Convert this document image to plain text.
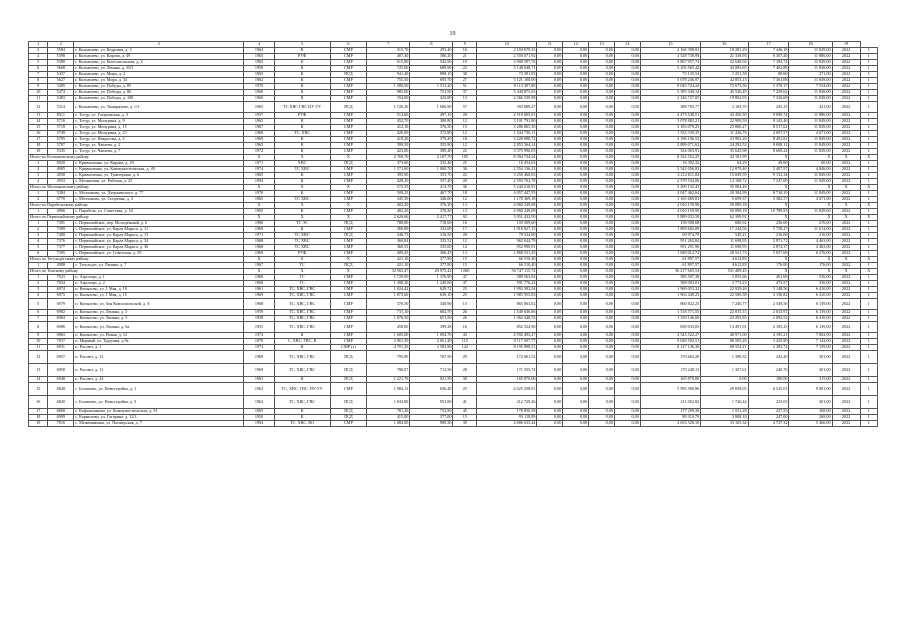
19
1	2	3	4	5	6	7	8	9	10	11	12	13	14	15	16	17	18	19	
3	5584	г. Колпашево, ул. Кедровая, д. 3	1964	К	СМР	315,70	293,40	16	2 184 679,33	0,00	0,00	0,00	0,00	2 166 398,02	18 281,29	7 446,18	11 849,00	2022	1
4	5398	г. Колпашево, ул. Кирова, д. 49	1965	РУФ	СМР	407,40	380,20	21	2 550 071,92	0,00	0,00	0,00	0,00	2 528 738,99	21 338,93	6 307,20	11 886,00	2022	1
5	5390	г. Колпашево, ул. Комсомольская, д. 2	1965	К	СМР	615,80	542,90	19	3 900 597,76	0,00	0,00	0,00	0,00	3 867 957,74	32 640,02	7 184,74	11 849,00	2022	1
6	5668	г. Колпашево, ул. Ленина, д. 39/1	1958	К	СМР	725,00	689,90	22	5 148 648,71	0,00	0,00	0,00	0,00	5 105 565,42	43 083,65	7 462,89	11 849,00	2022	1
7	5437	г. Колпашево, ул. Мира, д. 2	1965	К	ПСД	941,40	898,10	38	73 391,83	0,00	0,00	0,00	0,00	73 135,54	1 251,58	80,60	271,00	2022	1
8	5627	г. Колпашево, ул. Мира, д. 34	1962	К	СМР	755,50	695,70	27	5 121 100,00	0,00	0,00	0,00	0,00	5 078 246,97	42 853,13	7 361,08	11 849,00	2022	1
9	5495	г. Колпашево, ул. Победы, д. 85	1970	К	СМР	1 580,50	1 511,20	51	8 113 397,80	0,00	0,00	0,00	0,00	8 045 724,24	73 673,56	5 370,17	7 554,00	2022	1
10	5474	г. Колпашево, ул. Победы, д. 86	1960	К	СМР	985,00	751,50	37	5 440 875,63	0,00	0,00	0,00	0,00	5 395 349,14	45 526,49	7 239,62	11 849,00	2022	1
11	5483	г. Колпашево, ул. Победы, д. 108	1960	К	СМР	354,00	323,00	13	2 366 539,98	0,00	0,00	0,00	0,00	2 346 737,05	19 802,93	7 326,69	11 849,00	2022	1
12	5314	г. Колпашево, ул. Тимирязева, д. 1/3	1965	ТС ХВС ГВС ПУ УУ	ПСД	1 720,20	1 606,90	57	393 888,47	0,00	0,00	0,00	0,00	389 783,77	2 104,70	245,23	421,00	2022	1
13	8311	с. Тогур, ул. Гагаринская, д. 3	1957	РУФ	СМР	512,60	497,10	20	4 519 005,01	0,00	0,00	0,00	0,00	4 475 548,51	43 456,50	9 090,74	11 886,00	2022	1
14	5716	с. Тогур, ул. Мичурина, д. 9	1965	К	СМР	452,70	380,80	12	3 101 791,80	0,00	0,00	0,00	0,00	3 078 882,21	22 909,59	8 145,46	11 849,00	2022	1
15	5718	с. Тогур, ул. Мичурина, д. 15	1967	К	СМР	412,10	376,50	15	3 206 865,30	0,00	0,00	0,00	0,00	3 183 079,25	23 806,27	8 517,62	11 849,00	2022	1
16	5749	с. Тогур, ул. Мичурина, д. 23	1968	ТС, ХВС	СМР	426,00	372,80	12	1 544 736,11	0,00	0,00	0,00	0,00	1 533 339,35	11 426,76	4 097,57	4 671,00	2022	1
17	5795	с. Тогур, ул. Некрасова, д. 2	1969	К	СМР	419,20	379,20	18	3 220 098,72	0,00	0,00	0,00	0,00	3 196 106,52	23 992,20	8 491,81	11 849,00	2022	1
18	5797	с. Тогур, ул. Чапаева, д. 2	1965	К	СМР	399,50	355,90	12	2 853 364,14	0,00	0,00	0,00	0,00	2 899 071,62	24 292,52	8 008,12	11 849,00	2022	1
19	5335	с. Тогур, ул. Чапаева, д. 7	1972	К	СМР	423,00	389,40	22	3 375 996,05	0,00	0,00	0,00	0,00	334 063,91	35 645,98	8 669,24	11 849,00	2022	1
Итого по Колпашевскому району			Х	Х	Х	2 769,70	2 107,70	105	8 394 734,24	0,00	0,00	0,00	0,00	8 332 552,25	42 181,99	Х	Х	Х	Х
1	6920	с. Кривошеино, ул. Кирова, д. 29	1971	ХВС	ПСД	373,60	335,40	25	16 454,63	0,00	0,00	0,00	0,00	16 392,32	64,29	49,00	60,00	2022	1
2	4905	с. Кривошеино, ул. Коммунистическая, д. 49	1974	ТС ХВС	СМР	1 571,00	1 060,70	36	2 554 136,23	0,00	0,00	0,00	0,00	2 542 056,83	12 079,40	2 407,97	4 846,00	2022	1
3	4930	с. Кривошеино, ул. Тракторная, д. 6	1965	К	СМР	395,90	355,70	22	3 250 460,63	0,00	0,00	0,00	0,00	3 214 611,04	15 849,59	9 133,34	11 849,00	2022	1
4	4933	с. Малиновка, ул. Рабочая, д. 25	1994	К	СМР	428,20	357,40	20	2 593 702,78	0,00	0,00	0,00	0,00	2 579 534,06	14 168,72	7 247,00	11 849,00	2022	1
Итого по Молчановскому району			Х	Х	Х	572,55	413,70	30	5 244 216,91	0,00	0,00	0,00	0,00	5 209 132,45	35 084,46	Х	Х	Х	Х
1	5384	с. Молчаново, ул. Дзержинского, д. 77	1970	К	СМР	509,25	467,70	18	4 057 447,55	0,00	0,00	0,00	0,00	4 047 462,64	20 384,99	8 710,39	11 849,00	2022	1
2	6770	с. Молчаново, ул. Спортная, д. 3	1965	ТС ХВС	СМР	345,50	346,00	12	1 170 369,18	0,00	0,00	0,00	0,00	1 165 669,81	5 699,37	3 382,57	4 671,00	2022	1
Итого по Парабельскому району			Х	Х	Х	402,20	376,30	13	4 060 249,08	0,00	0,00	0,00	0,00	4 010 159,90	50 089,18	Х	Х	Х	Х
1	4966	с. Парабель, ул. Советская, д. 54	1965	К	СМР	402,20	376,30	13	4 060 249,08	0,00	0,00	0,00	0,00	4 010 159,90	50 089,18	10 789,93	11 849,00	2022	1
Итого по Первомайскому району			Х	Х	Х	2 626,66	2 417,77	92	5 951 432,50	0,00	0,00	0,00	0,00	5 889 032,58	62 399,92	Х	Х	Х	Х
1	7391	с. Первомайское, пер. Молодёжный, д. 6	1980	ТС ЭС	ПСД	788,80	718,60	16	159 509,60	0,00	0,00	0,00	0,00	158 908,68	680,92	236,00	276,00	2022	1
2	7399	с. Первомайское, ул. Карла Маркса, д. 11	1969	К	СМР	360,80	332,00	17	1 916 927,15	0,00	0,00	0,00	0,00	1 899 682,09	17 244,56	5 758,27	11 612,00	2022	1
3	7400	с. Первомайское, ул. Карла Маркса, д. 13	1971	ТС ХВС	ПСД	346,75	316,50	20	79 524,00	0,00	0,00	0,00	0,00	69 974,79	549,21	216,00	216,00	2022	1
4	7376	с. Первомайское, ул. Карла Маркса, д. 34	1968	ТС ХВС	СМР	360,84	335,52	12	962 044,79	0,00	0,00	0,00	0,00	951 263,84	11 698,95	2 871,72	4 463,00	2022	1
5	7377	с. Первомайское, ул. Карла Маркса, д. 36	1968	ТС ХВС	СМР	360,55	335,00	14	952 990,91	0,00	0,00	0,00	0,00	951 291,96	11 698,95	2 874,37	4 463,00	2022	1
6	7395	с. Первомайское, ул. Советская, д. 59	1969	РУФ	СМР	409,45	366,45	13	1 868 531,45	0,00	0,00	0,00	0,00	1 849 012,72	20 521,73	5 057,66	6 276,00	2022	1
Итого по Тегульдетскому району			Х	Х	Х	421,10	377,90	15	66 510,40	0,00	0,00	0,00	0,00	61 897,57	4 612,83	Х	Х	Х	Х
1	4988	с. Тегульдет, ул. Ленина, д. 7	1967	ТС	ПСД	421,10	377,90	15	66 510,40	0,00	0,00	0,00	0,00	61 897,57	4 612,83	176,00	176,00	2022	1
Итого по Томскому району			Х	Х	Х	32 565,47	29 975,42	1 060	56 747 115,72	0,00	0,00	0,00	0,00	56 217 665,54	531 489,45	Х	Х	Х	Х
1	7023	п. Аэропорт, д. 1	1968	ГС	СМР	1 729,90	1 376,90	47	589 563,04	0,00	0,00	0,00	0,00	585 507,38	3 855,66	461,66	536,00	2022	1
2	7034	п. Аэропорт, д. 2	1968	ГС	СМР	1 498,30	1 249,60	47	591 776,24	0,00	0,00	0,00	0,00	588 003,01	3 773,23	473,57	536,00	2022	1
3	6974	п. Копылово, ул. 1 Мая, д. 19	1961	ТС, ХВС, ГВС	СМР	1 024,42	629,72	25	1 992 582,54	0,00	0,00	0,00	0,00	1 969 053,32	22 929,26	3 148,56	6 410,00	2022	1
4	6975	п. Копылово, ул. 1 Мая, д. 15	1969	ТС, ХВС, ГВС	СМР	1 073,60	639,10	25	1 985 955,83	0,00	0,00	0,00	0,00	1 963 449,25	22 506,58	3 156,82	6 410,00	2022	1
5	6979	п. Копылово, ул. Зон Комсомольской, д. 8	1968	ТС, ХВС, ГВС	СМР	370,50	340,90	13	865 063,02	0,00	0,00	0,00	0,00	860 822,25	7 240,77	2 549,56	6 139,00	2022	1
6	6982	п. Копылово, ул. Ленина, д. 5	1959	ТС, ХВС, ГВС	СМР	731,10	682,70	26	1 540 636,66	0,00	0,00	0,00	0,00	1 518 571,55	22 035,15	2 033,97	6 139,00	2022	1
7	6984	п. Копылово, ул. Ленина, д. 3	1958	ТС, ХВС, ГВС	СМР	1 076,50	651,50	26	1 362 440,53	0,00	0,00	0,00	0,00	1 339 146,68	23 293,85	2 092,52	6 410,00	2022	1
8	6986	п. Копылово, ул. Ленина, д. 6а	1955	ТС, ХВС, ГВС	СМР	458,00	399,28	16	852 524,96	0,00	0,00	0,00	0,00	839 033,05	13 491,91	2 185,25	6 139,00	2022	1
9	6863	п. Копылово, ул. Новая, д. 12	1972	К	СМР	1 605,60	1 094,70	43	4 592 493,27	0,00	0,00	0,00	0,00	4 543 522,27	48 971,00	4 195,21	7 002,00	2022	1
10	7037	п. Мирный, ул. Трудовая, д.9а	1979	С, ХВС, ГВС, В	СМР	2 961,30	2 061,20	115	9 117 007,77	0,00	0,00	0,00	0,00	9 020 502,51	96 505,26	3 425,90	7 142,00	2022	1
11	6931	п. Рассвет, д. 1	1973	К	СМР (т)	4 701,30	3 583,90	142	8 195 898,51	0,00	0,00	0,00	0,00	8 127 146,30	68 552,21	2 283,74	7 159,00	2022	1
12	6957	п. Рассвет, д. 12	1969	ТС, ХВС, ГВС	ПСД	795,80	707,50	29	172 061,52	0,00	0,00	0,00	0,00	170 663,20	1 398,32	243,20	301,00	2022	1
13	6958	п. Рассвет, д. 13	1969	ТС, ХВС, ГВС	ПСД	780,07	712,56	28	171 555,74	0,00	0,00	0,00	0,00	170 248,13	1 307,61	240,76	301,00	2022	1
14	6948	п. Рассвет, д. 24	1963	К	ПСД	1 221,70	921,50	30	165 870,00	0,00	0,00	0,00	0,00	165 870,00	0,00	180,00	315,00	2022	1
15	6828	с. Богашево, ул. Новостройка, д. 1	1962	ТС, ХВС, ГВС, ПУ УУ	СМР	1 084,13	656,40	25	4 025 258,91	0,00	0,00	0,00	0,00	5 995 580,86	29 658,05	6 525,01	9 081,00	2022	1
16	6820	с. Богашево, ул. Новостройка, д. 5	1963	ТС, ХВС, ГВС	ПСД	1 043,80	953,80	41	212 729,26	0,00	0,00	0,00	0,00	211 002,82	1 726,44	223,03	301,00	2022	1
17	6868	с. Кафтанчиково, ул. Коммунистическая, д. 91	1965	К	ПСД	781,20	752,90	45	178 850,58	0,00	0,00	0,00	0,00	177 299,30	1 551,28	237,55	268,00	2022	1
18	6999	с. Корнилово, ул. Гагарина, д. 12/1	1950	К	ПСД	415,00	377,00	15	93 118,89	0,00	0,00	0,00	0,00	89 310,79	3 808,10	247,00	268,00	2022	1
19	7016	с. Межениновка, ул. Пионерская, д. 7	1994	ТС, ХВС, ВО	СМР	1 084,00	989,30	39	4 686 633,44	0,00	0,00	0,00	0,00	4 653 528,10	33 105,34	4 737,32	5 466,00	2022	1
